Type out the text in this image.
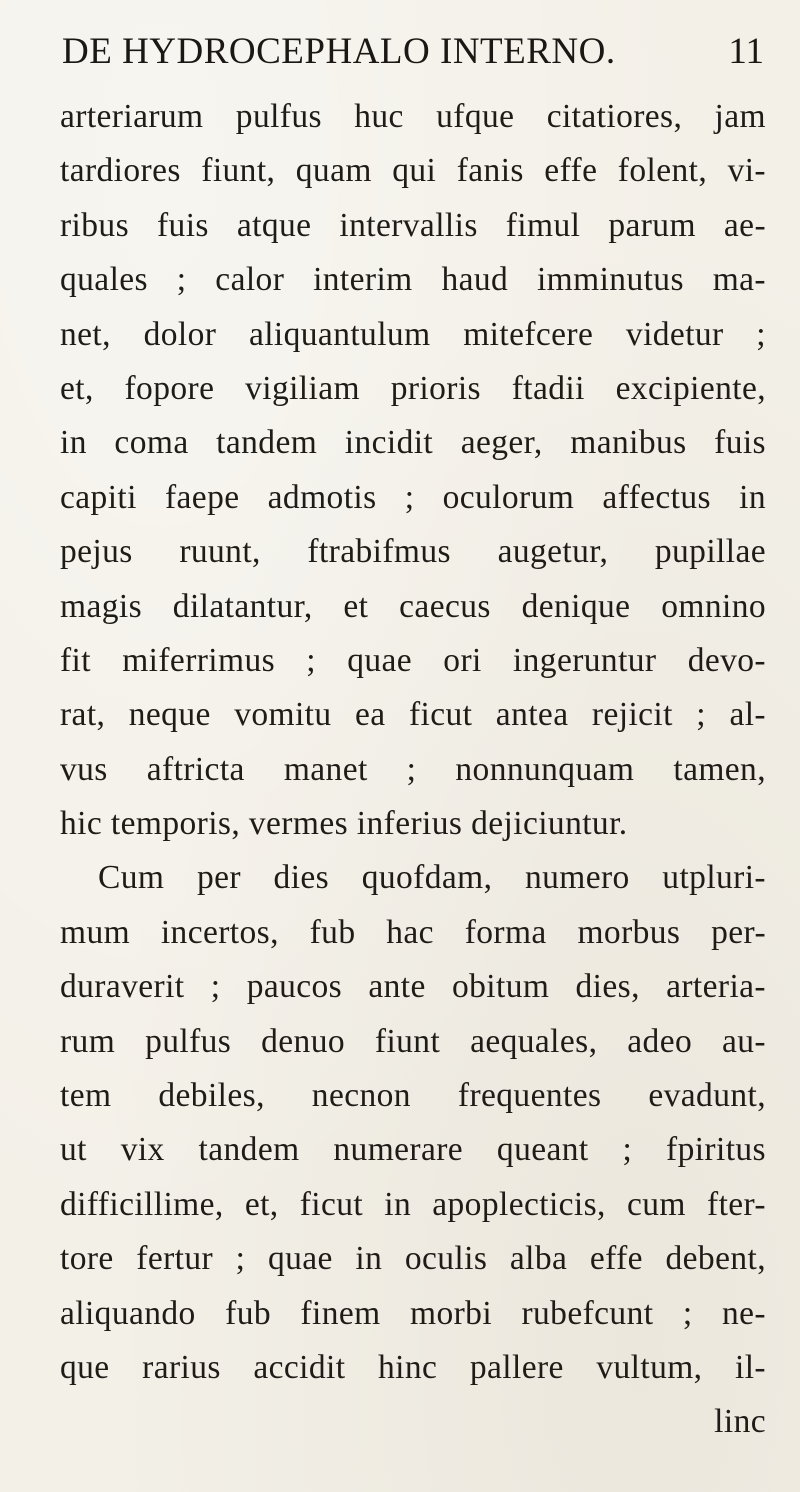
DE HYDROCEPHALO INTERNO.	11
arteriarum pulfus huc ufque citatiores, jam
tardiores fiunt, quam qui fanis effe folent, vi-
ribus fuis atque intervallis fimul parum ae-
quales ; calor interim haud imminutus ma-
net, dolor aliquantulum mitefcere videtur ;
et, fopore vigiliam prioris ftadii excipiente,
in coma tandem incidit aeger, manibus fuis
capiti faepe admotis ; oculorum affectus in
pejus ruunt, ftrabifmus augetur, pupillae
magis dilatantur, et caecus denique omnino
fit miferrimus ; quae ori ingeruntur devo-
rat, neque vomitu ea ficut antea rejicit ; al-
vus aftricta manet ; nonnunquam tamen,
hic temporis, vermes inferius dejiciuntur.
Cum per dies quofdam, numero utpluri-
mum incertos, fub hac forma morbus per-
duraverit ; paucos ante obitum dies, arteria-
rum pulfus denuo fiunt aequales, adeo au-
tem debiles, necnon frequentes evadunt,
ut vix tandem numerare queant ; fpiritus
difficillime, et, ficut in apoplecticis, cum fter-
tore fertur ; quae in oculis alba effe debent,
aliquando fub finem morbi rubefcunt ; ne-
que rarius accidit hinc pallere vultum, il-
linc
